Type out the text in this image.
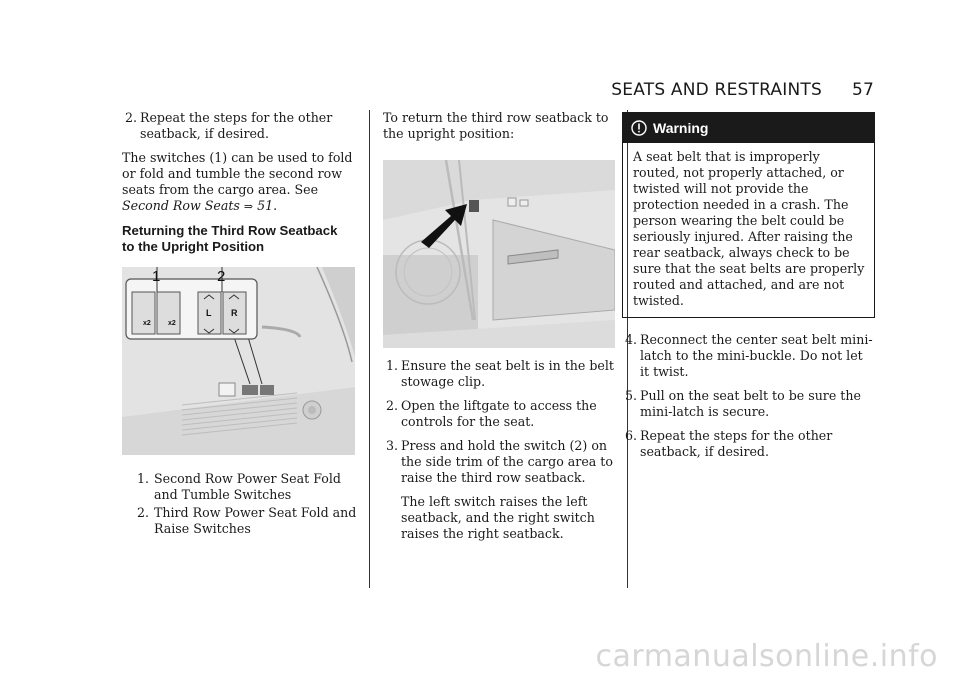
SEATS AND RESTRAINTS 57
2. Repeat the steps for the other seatback, if desired.

The switches (1) can be used to fold or fold and tumble the second row seats from the cargo area. See Second Row Seats ⇒ 51.

Returning the Third Row Seatback
to the Upright Position
1	2
x2 x2
L R
1. Second Row Power Seat Fold and Tumble Switches
2. Third Row Power Seat Fold and Raise Switches

To return the third row seatback to the upright position:

1. Ensure the seat belt is in the belt stowage clip.
2. Open the liftgate to access the controls for the seat.
3. Press and hold the switch (2) on the side trim of the cargo area to raise the third row seatback.

The left switch raises the left seatback, and the right switch raises the right seatback.

Warning

A seat belt that is improperly routed, not properly attached, or twisted will not provide the protection needed in a crash. The person wearing the belt could be seriously injured. After raising the rear seatback, always check to be sure that the seat belts are properly routed and attached, and are not twisted.

4. Reconnect the center seat belt mini-latch to the mini-buckle. Do not let it twist.
5. Pull on the seat belt to be sure the mini-latch is secure.
6. Repeat the steps for the other seatback, if desired.
carmanualsonline.info
